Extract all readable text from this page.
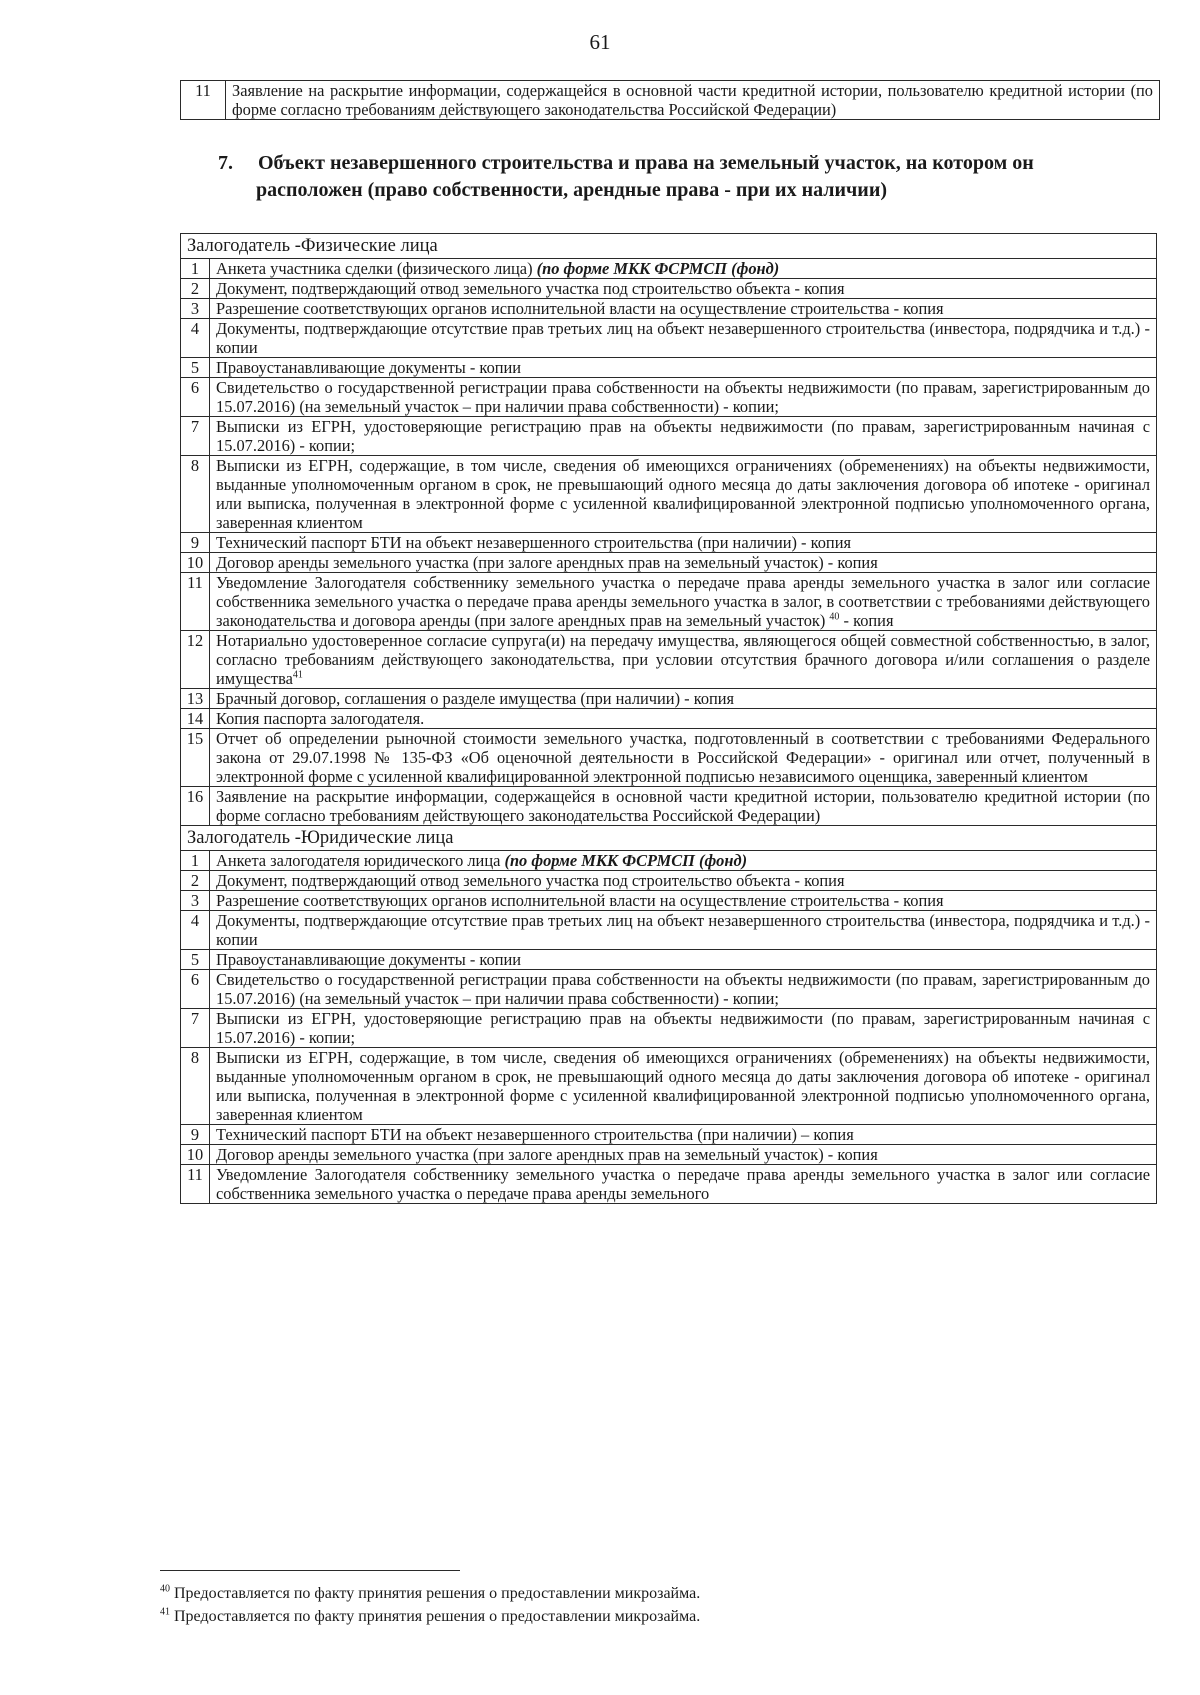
61
11	Заявление на раскрытие информации, содержащейся в основной части кредитной истории, пользователю кредитной истории (по форме согласно требованиям действующего законодательства Российской Федерации)
7. Объект незавершенного строительства и права на земельный участок, на котором он
расположен (право собственности, арендные права - при их наличии)
Залогодатель -Физические лица	
1	Анкета участника сделки (физического лица) (по форме МКК ФСРМСП (фонд)
2	Документ, подтверждающий отвод земельного участка под строительство объекта - копия
3	Разрешение соответствующих органов исполнительной власти на осуществление строительства - копия
4	Документы, подтверждающие отсутствие прав третьих лиц на объект незавершенного строительства (инвестора, подрядчика и т.д.) - копии
5	Правоустанавливающие документы - копии
6	Свидетельство о государственной регистрации права собственности на объекты недвижимости (по правам, зарегистрированным до 15.07.2016) (на земельный участок – при наличии права собственности) - копии;
7	Выписки из ЕГРН, удостоверяющие регистрацию прав на объекты недвижимости (по правам, зарегистрированным начиная с 15.07.2016) - копии;
8	Выписки из ЕГРН, содержащие, в том числе, сведения об имеющихся ограничениях (обременениях) на объекты недвижимости, выданные уполномоченным органом в срок, не превышающий одного месяца до даты заключения договора об ипотеке - оригинал или выписка, полученная в электронной форме с усиленной квалифицированной электронной подписью уполномоченного органа, заверенная клиентом
9	Технический паспорт БТИ на объект незавершенного строительства (при наличии) - копия
10	Договор аренды земельного участка (при залоге арендных прав на земельный участок) - копия
11	Уведомление Залогодателя собственнику земельного участка о передаче права аренды земельного участка в залог или согласие собственника земельного участка о передаче права аренды земельного участка в залог, в соответствии с требованиями действующего законодательства и договора аренды (при залоге арендных прав на земельный участок) $^{40}$ - копия
12	Нотариально удостоверенное согласие супруга(и) на передачу имущества, являющегося общей совместной собственностью, в залог, согласно требованиям действующего законодательства, при условии отсутствия брачного договора и/или соглашения о разделе имущества$^{41}$
13	Брачный договор, соглашения о разделе имущества (при наличии) - копия
14	Копия паспорта залогодателя.
15	Отчет об определении рыночной стоимости земельного участка, подготовленный в соответствии с требованиями Федерального закона от 29.07.1998 № 135-ФЗ «Об оценочной деятельности в Российской Федерации» - оригинал или отчет, полученный в электронной форме с усиленной квалифицированной электронной подписью независимого оценщика, заверенный клиентом
16	Заявление на раскрытие информации, содержащейся в основной части кредитной истории, пользователю кредитной истории (по форме согласно требованиям действующего законодательства Российской Федерации)
Залогодатель -Юридические лица	
1	Анкета залогодателя юридического лица (по форме МКК ФСРМСП (фонд)
2	Документ, подтверждающий отвод земельного участка под строительство объекта - копия
3	Разрешение соответствующих органов исполнительной власти на осуществление строительства - копия
4	Документы, подтверждающие отсутствие прав третьих лиц на объект незавершенного строительства (инвестора, подрядчика и т.д.) - копии
5	Правоустанавливающие документы - копии
6	Свидетельство о государственной регистрации права собственности на объекты недвижимости (по правам, зарегистрированным до 15.07.2016) (на земельный участок – при наличии права собственности) - копии;
7	Выписки из ЕГРН, удостоверяющие регистрацию прав на объекты недвижимости (по правам, зарегистрированным начиная с 15.07.2016) - копии;
8	Выписки из ЕГРН, содержащие, в том числе, сведения об имеющихся ограничениях (обременениях) на объекты недвижимости, выданные уполномоченным органом в срок, не превышающий одного месяца до даты заключения договора об ипотеке - оригинал или выписка, полученная в электронной форме с усиленной квалифицированной электронной подписью уполномоченного органа, заверенная клиентом
9	Технический паспорт БТИ на объект незавершенного строительства (при наличии) – копия
10	Договор аренды земельного участка (при залоге арендных прав на земельный участок) - копия
11	Уведомление Залогодателя собственнику земельного участка о передаче права аренды земельного участка в залог или согласие собственника земельного участка о передаче права аренды земельного
$^{40}$ Предоставляется по факту принятия решения о предоставлении микрозайма.
$^{41}$ Предоставляется по факту принятия решения о предоставлении микрозайма.
